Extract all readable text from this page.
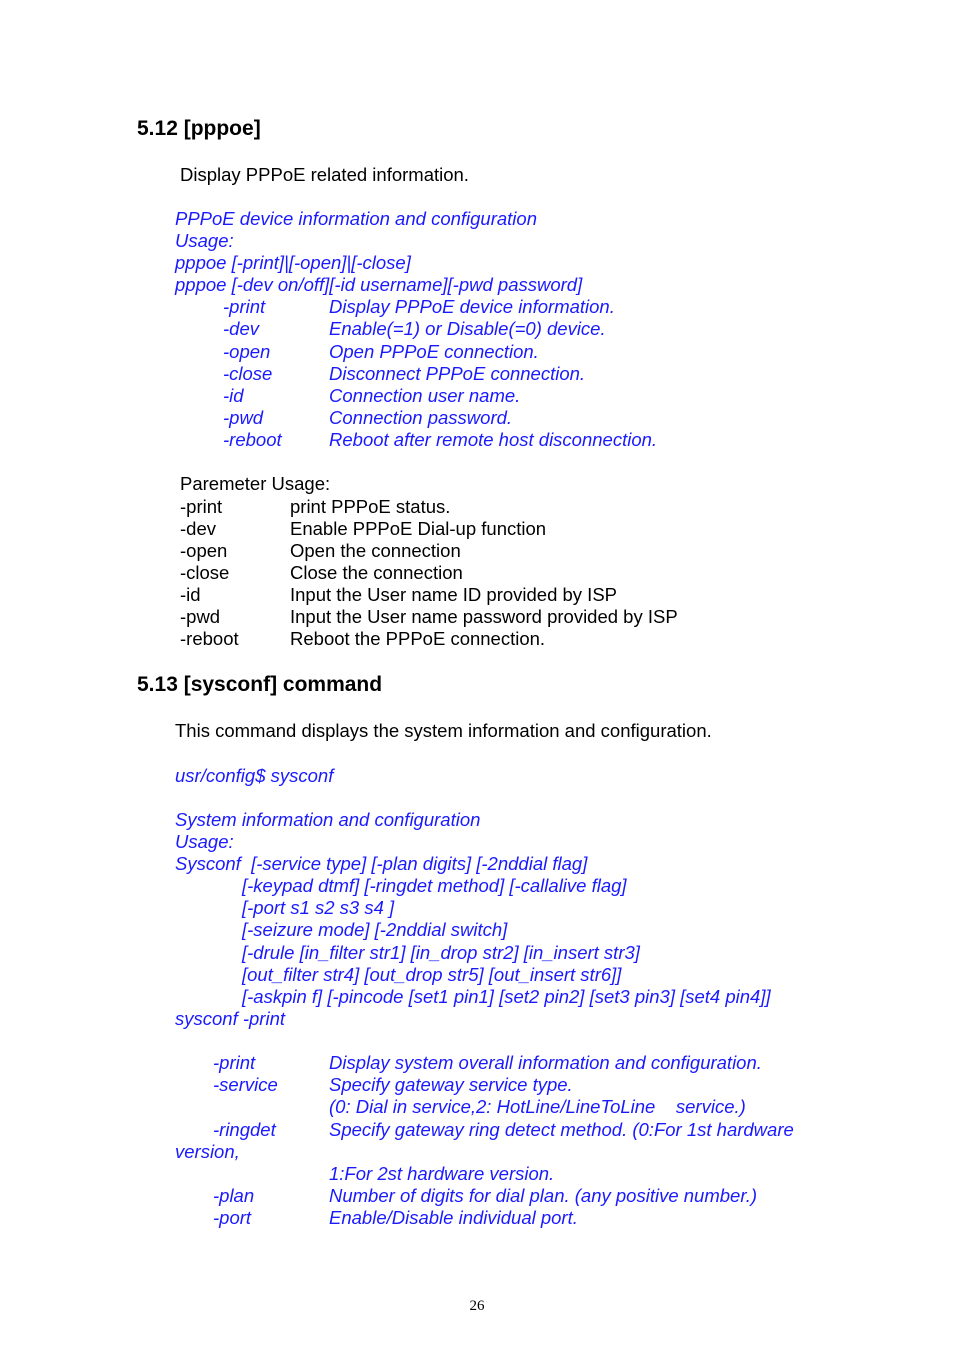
5.12 [pppoe]
Display PPPoE related information.
PPPoE device information and configuration
Usage:
pppoe [-print]|[-open]|[-close]
pppoe [-dev on/off][-id username][-pwd password]
-print	Display PPPoE device information.
-dev	Enable(=1) or Disable(=0) device.
-open	Open PPPoE connection.
-close	Disconnect PPPoE connection.
-id	Connection user name.
-pwd	Connection password.
-reboot	Reboot after remote host disconnection.
Paremeter Usage:
-print	print PPPoE status.
-dev	Enable PPPoE Dial-up function
-open	Open the connection
-close	Close the connection
-id	Input the User name ID provided by ISP
-pwd	Input the User name password provided by ISP
-reboot	Reboot the PPPoE connection.
5.13 [sysconf] command
This command displays the system information and configuration.
usr/config$ sysconf
System information and configuration
Usage:
Sysconf  [-service type] [-plan digits] [-2nddial flag]
[-keypad dtmf] [-ringdet method] [-callalive flag]
[-port s1 s2 s3 s4 ]
[-seizure mode] [-2nddial switch]
[-drule [in_filter str1] [in_drop str2] [in_insert str3]
[out_filter str4] [out_drop str5] [out_insert str6]]
[-askpin f] [-pincode [set1 pin1] [set2 pin2] [set3 pin3] [set4 pin4]]
sysconf -print
-print	Display system overall information and configuration.
-service	Specify gateway service type.
(0: Dial in service,2: HotLine/LineToLine    service.)
-ringdet	Specify gateway ring detect method. (0:For 1st hardware
version,
1:For 2st hardware version.
-plan	Number of digits for dial plan. (any positive number.)
-port	Enable/Disable individual port.
26
